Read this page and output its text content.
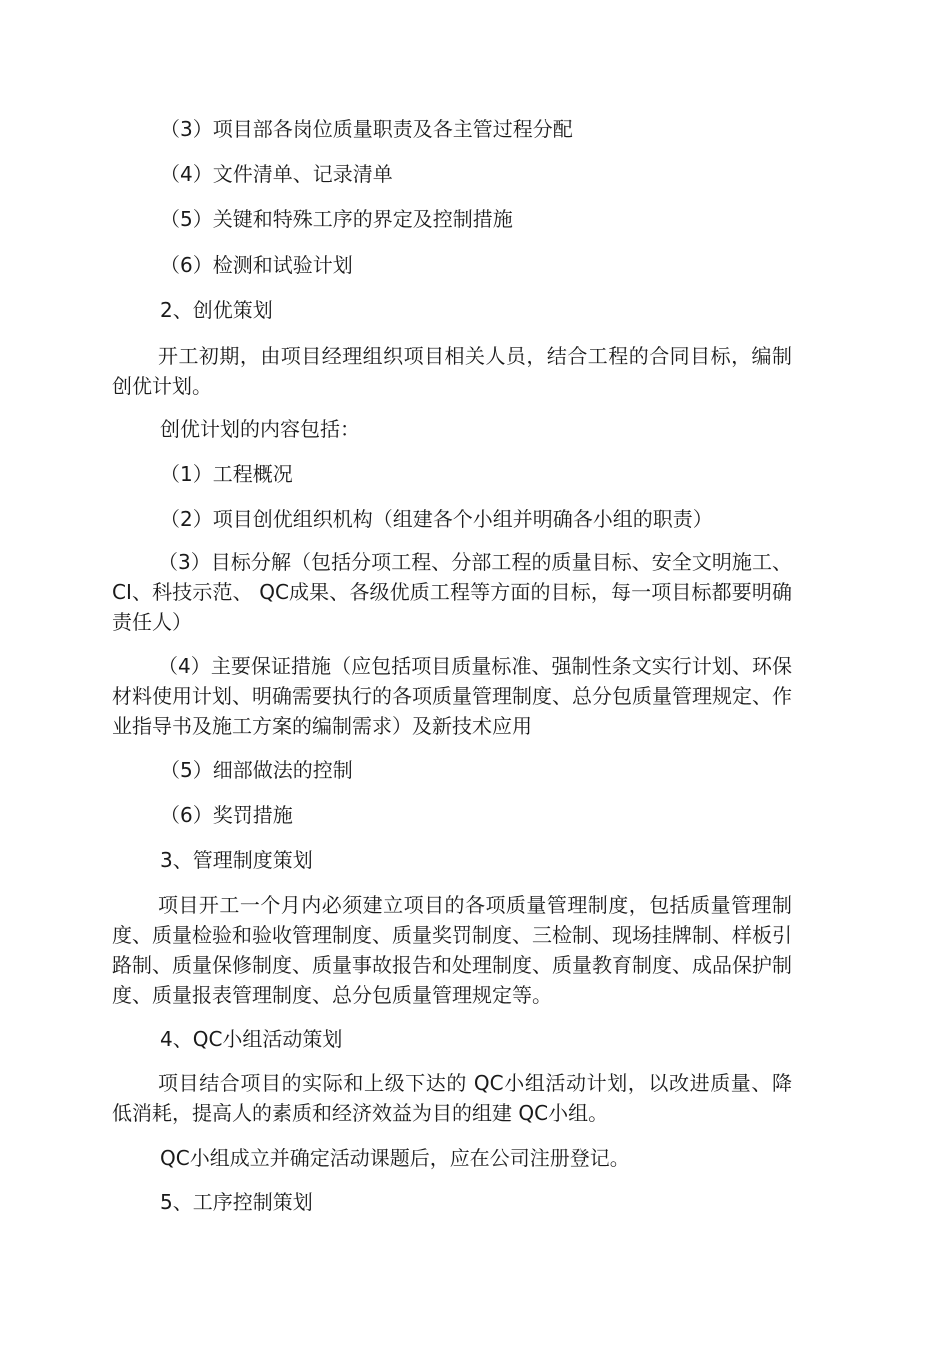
（3）项目部各岗位质量职责及各主管过程分配
（4）文件清单、记录清单
（5）关键和特殊工序的界定及控制措施
（6）检测和试验计划
2、创优策划
开工初期，由项目经理组织项目相关人员，结合工程的合同目标，编制创优计划。
创优计划的内容包括：
（1）工程概况
（2）项目创优组织机构（组建各个小组并明确各小组的职责）
（3）目标分解（包括分项工程、分部工程的质量目标、安全文明施工、CI、科技示范、 QC成果、各级优质工程等方面的目标，每一项目标都要明确责任人）
（4）主要保证措施（应包括项目质量标准、强制性条文实行计划、环保材料使用计划、明确需要执行的各项质量管理制度、总分包质量管理规定、作业指导书及施工方案的编制需求）及新技术应用
（5）细部做法的控制
（6）奖罚措施
3、管理制度策划
项目开工一个月内必须建立项目的各项质量管理制度，包括质量管理制度、质量检验和验收管理制度、质量奖罚制度、三检制、现场挂牌制、样板引路制、质量保修制度、质量事故报告和处理制度、质量教育制度、成品保护制度、质量报表管理制度、总分包质量管理规定等。
4、QC小组活动策划
项目结合项目的实际和上级下达的 QC小组活动计划，以改进质量、降低消耗，提高人的素质和经济效益为目的组建 QC小组。
QC小组成立并确定活动课题后，应在公司注册登记。
5、工序控制策划
